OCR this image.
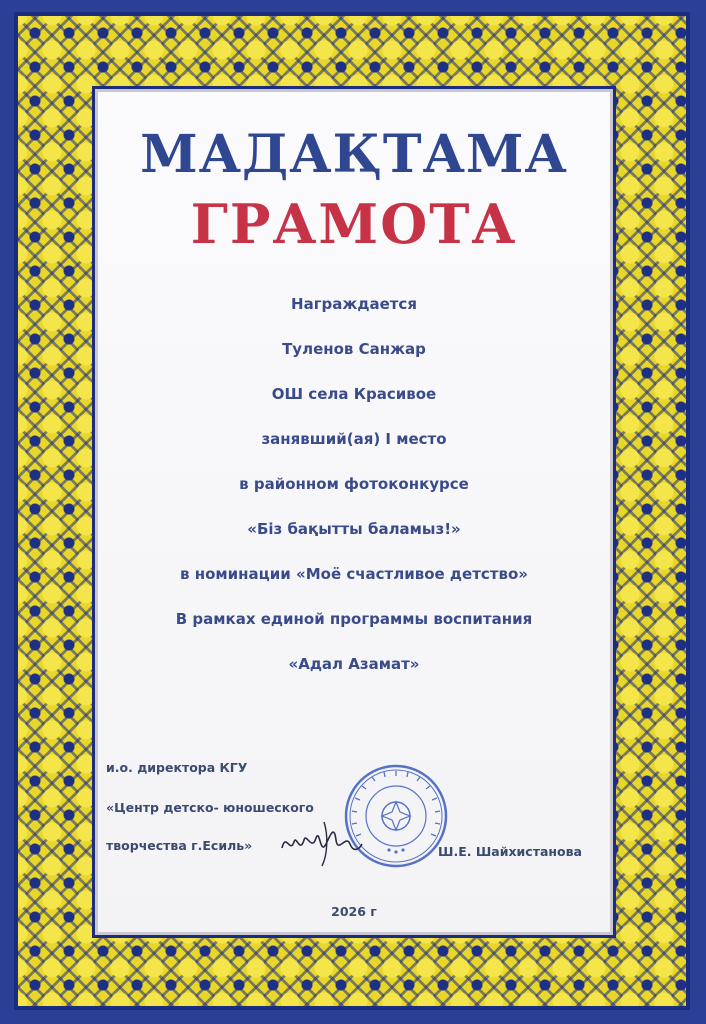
МАДАҚТАМА
ГРАМОТА
Награждается
Туленов Санжар
ОШ села Красивое
занявший(ая) I место
в районном фотоконкурсе
«Біз бақытты баламыз!»
в номинации «Моё счастливое детство»
В рамках единой программы воспитания
«Адал Азамат»
и.о. директора КГУ
«Центр детско- юношеского
творчества г.Есиль»	Ш.Е. Шайхистанова
2026 г
